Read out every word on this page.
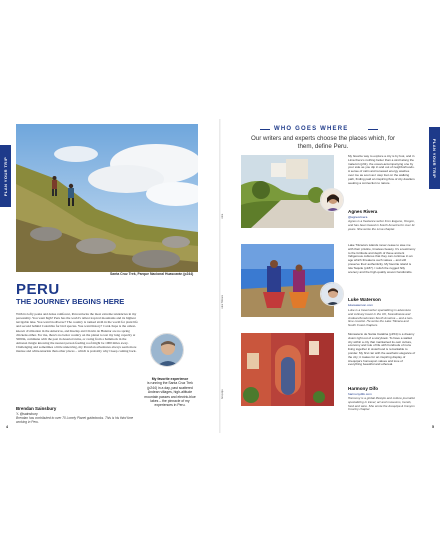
PLAN YOUR TRIP
Santa Cruz Trek, Parque Nacional Huascarán (p244)
PERU
THE JOURNEY BEGINS HERE
With its lofty peaks and dense rainforest, Peru unlocks the most extreme tendencies in my personality. You want high? Peru has the world's tallest tropical mountains and its highest navigable lake. You want biodiverse? The country is ranked sixth in the world for plant life and second behind Colombia for bird species. You want history? Caral-Supe is the oldest-known civilization in the Americas, and Kuélap and Chavín de Huántar are no spring chickens either. For me, there's no better country on the planet to test my lung capacity at 5000m, commune with the past in deserted ruins, or swing from a hammock in the Amazon Jungle knowing the nearest person feeding roof might be 1000 miles away. Challenging and sometimes a little unnerving, my Peruvian adventures always seem more intense and white-knuckle than other places – which is probably why I keep coming back.
Brendan Sainsbury
𝕏 @sainsbury
Brendan has contributed to over 70 Lonely Planet guidebooks. This is his third time working in Peru.
4
My favorite experience
is running the Santa Cruz Trek (p244) in a day, past scattered Andean villages, high-altitude mountain passes and electric-blue lakes – the pinnacle of my experiences in Peru.
PLAN YOUR TRIP
WHO GOES WHERE
Our writers and experts choose the places which, for them, define Peru.
Lima
Lake Titicaca
Arequipa
My favorite way to explore a city is by foot, and in Lima there's nothing better than a stroll along the malecón (p91), the ocean-accompanying one by your side as you dip in and out of neighborhoods. A sense of calm and renewed energy washes over me as soon as I step foot on the walking path, finding paid an inspiring flow of city dwellers seeking a connection to nature.
Agnes Rivera
@agnesrivera
Agnes is a freelance writer from Eugene, Oregon, and has been based in South America for over 11 years. She wrote the Lima chapter.
Lake Titicaca's islands never cease to awe me with their pristine, timeless beauty. It's a testimony to the fortitude and depth of these ancient Indigenous cultures that they can continue in an age which threatens such values – and still preserve their authenticity. My favorite island is Isla Taquile (p187). I relish the rugged hilly scenery and the high-quality woven handicrafts.
Luke Waterson
lukewaterson.com
Luke is a travel writer specializing in adventure and culinary travel in the UK, Scandinavia and Andean/Amazonian South America – and a two-time novelist. He wrote the Lake Titicaca and South Coast chapters.
Monasterio de Santa Catalina (p154) is a dreamy vision right out of a storybook. To have a walled city within a city that maintained its own culture, economy and rule of life with hundreds of nuns living together in sisterhood is remarkable to ponder. My first ran with the aesthetic elegance of the city; it makes for an inspiring display of Arequipa's homespun values and love of everything beautiful and ethereal.
Harmony Difo
harmonydifo.com
Harmony is a global lifestyle and culture journalist specializing in travel, art and museums, trends, food and wine. She wrote the Arequipa & Canyon Country chapter.
5
